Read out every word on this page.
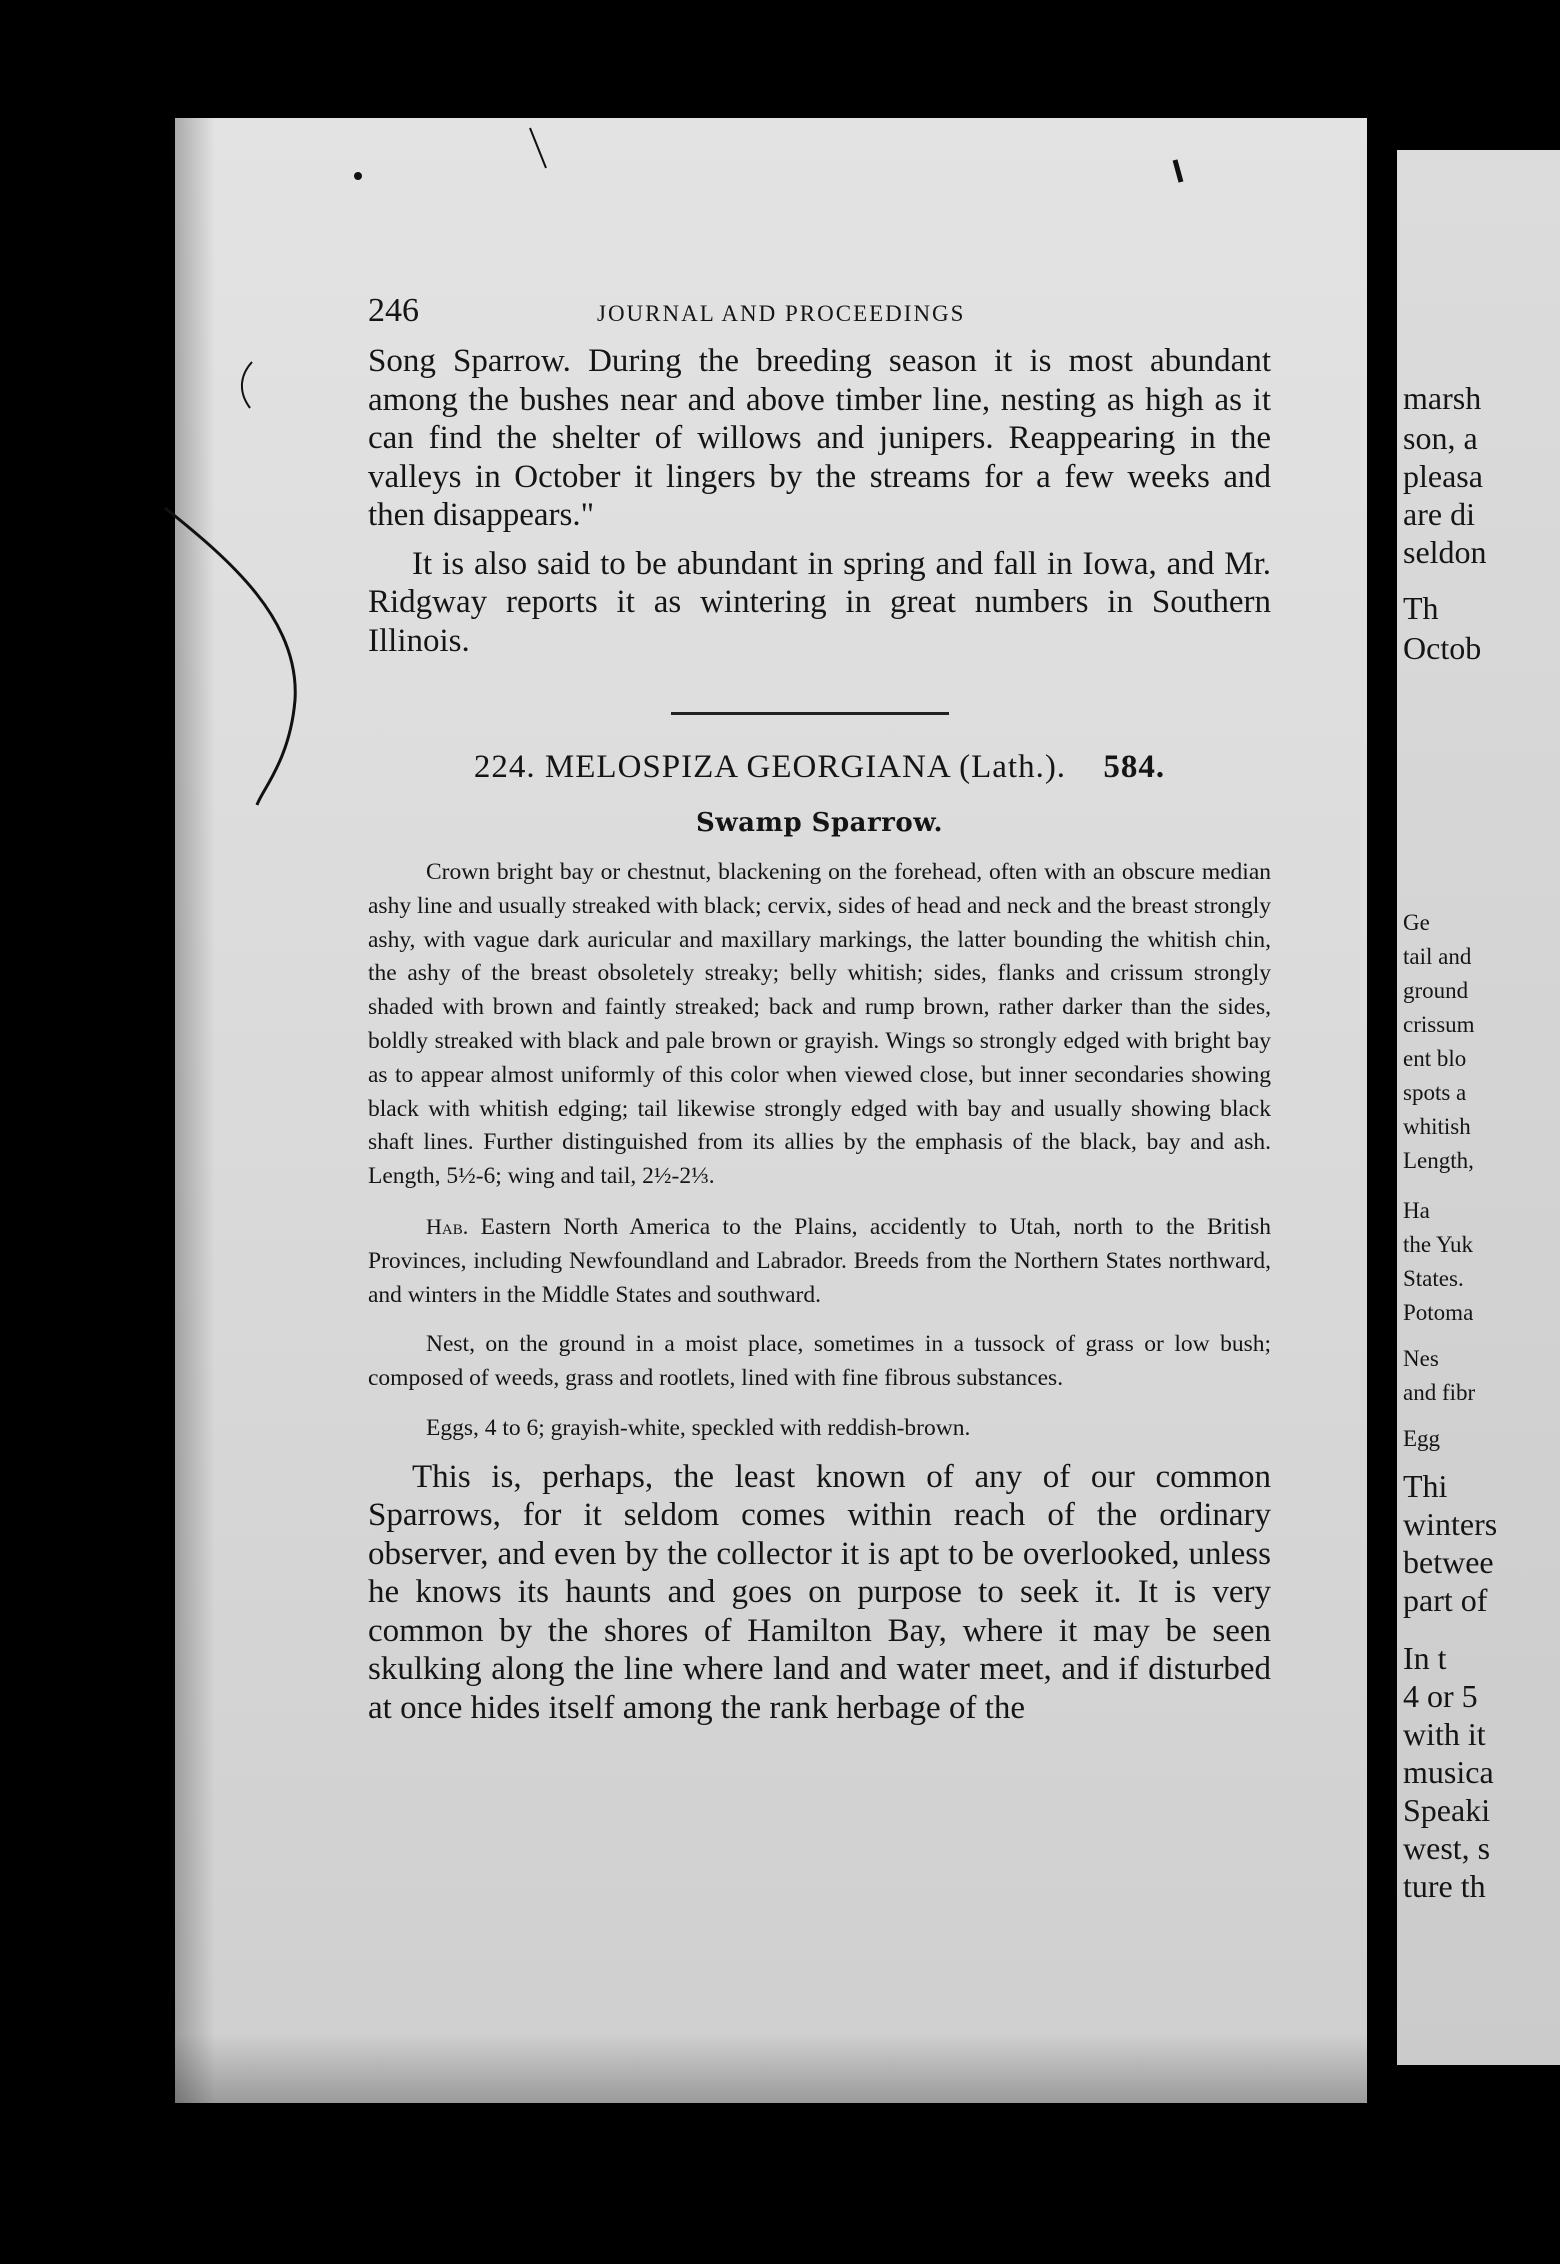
246	JOURNAL AND PROCEEDINGS

Song Sparrow. During the breeding season it is most abundant among the bushes near and above timber line, nesting as high as it can find the shelter of willows and junipers. Reappearing in the valleys in October it lingers by the streams for a few weeks and then disappears."

It is also said to be abundant in spring and fall in Iowa, and Mr. Ridgway reports it as wintering in great numbers in Southern Illinois.

224. MELOSPIZA GEORGIANA (Lath.). 584.
Swamp Sparrow.

Crown bright bay or chestnut, blackening on the forehead, often with an obscure median ashy line and usually streaked with black; cervix, sides of head and neck and the breast strongly ashy, with vague dark auricular and maxillary markings, the latter bounding the whitish chin, the ashy of the breast obsoletely streaky; belly whitish; sides, flanks and crissum strongly shaded with brown and faintly streaked; back and rump brown, rather darker than the sides, boldly streaked with black and pale brown or grayish. Wings so strongly edged with bright bay as to appear almost uniformly of this color when viewed close, but inner secondaries showing black with whitish edging; tail likewise strongly edged with bay and usually showing black shaft lines. Further distinguished from its allies by the emphasis of the black, bay and ash. Length, 5½-6; wing and tail, 2½-2⅓.

Hab. Eastern North America to the Plains, accidently to Utah, north to the British Provinces, including Newfoundland and Labrador. Breeds from the Northern States northward, and winters in the Middle States and southward.

Nest, on the ground in a moist place, sometimes in a tussock of grass or low bush; composed of weeds, grass and rootlets, lined with fine fibrous substances.

Eggs, 4 to 6; grayish-white, speckled with reddish-brown.

This is, perhaps, the least known of any of our common Sparrows, for it seldom comes within reach of the ordinary observer, and even by the collector it is apt to be overlooked, unless he knows its haunts and goes on purpose to seek it. It is very common by the shores of Hamilton Bay, where it may be seen skulking along the line where land and water meet, and if disturbed at once hides itself among the rank herbage of the

marsh
son, a
pleasa
are di
seldon
Th
Octob
Ge
tail and
ground
crissum
ent blo
spots a
whitish
Length,
Ha
the Yuk
States.
Potoma
Nes
and fibr
Egg
Thi
winters
betwee
part of
In t
4 or 5
with it
musica
Speaki
west, s
ture th
